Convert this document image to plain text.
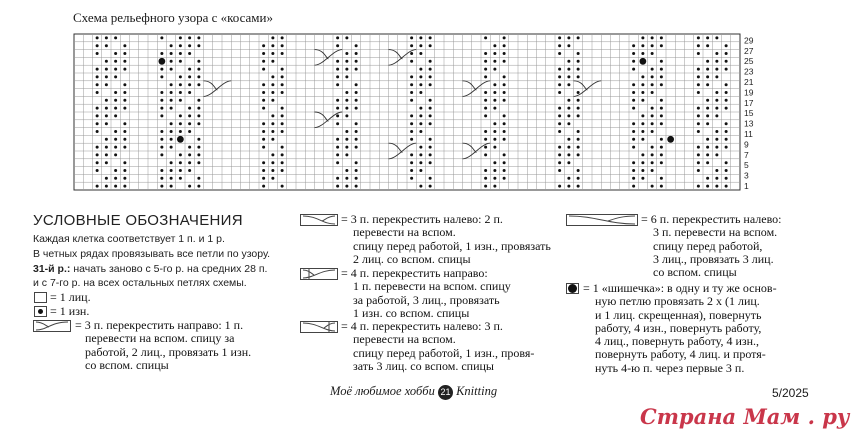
Схема рельефного узора с «косами»
1
3
5
7
9
11
13
15
17
19
21
23
25
27
29
УСЛОВНЫЕ ОБОЗНАЧЕНИЯ
Каждая клетка соответствует 1 п. и 1 р.
В четных рядах провязывать все петли по узору.
31-й р.: начать заново с 5-го р. на средних 28 п.
и с 7-го р. на всех остальных петлях схемы.
= 1 лиц.
= 1 изн.
= 3 п. перекрестить направо: 1 п.
перевести на вспом. спицу за
работой, 2 лиц., провязать 1 изн.
со вспом. спицы
= 3 п. перекрестить налево: 2 п.
перевести на вспом.
спицу перед работой, 1 изн., провязать
2 лиц. со вспом. спицы
= 4 п. перекрестить направо:
1 п. перевести на вспом. спицу
за работой, 3 лиц., провязать
1 изн. со вспом. спицы
= 4 п. перекрестить налево: 3 п.
перевести на вспом.
спицу перед работой, 1 изн., провя-
зать 3 лиц. со вспом. спицы
= 6 п. перекрестить налево:
3 п. перевести на вспом.
спицу перед работой,
3 лиц., провязать 3 лиц.
со вспом. спицы
= 1 «шишечка»: в одну и ту же основ-
ную петлю провязать 2 х (1 лиц.
и 1 лиц. скрещенная), повернуть
работу, 4 изн., повернуть работу,
4 лиц., повернуть работу, 4 изн.,
повернуть работу, 4 лиц. и протя-
нуть 4-ю п. через первые 3 п.
Моё любимое хобби 21 Knitting	5/2025
Страна Мам . ру
